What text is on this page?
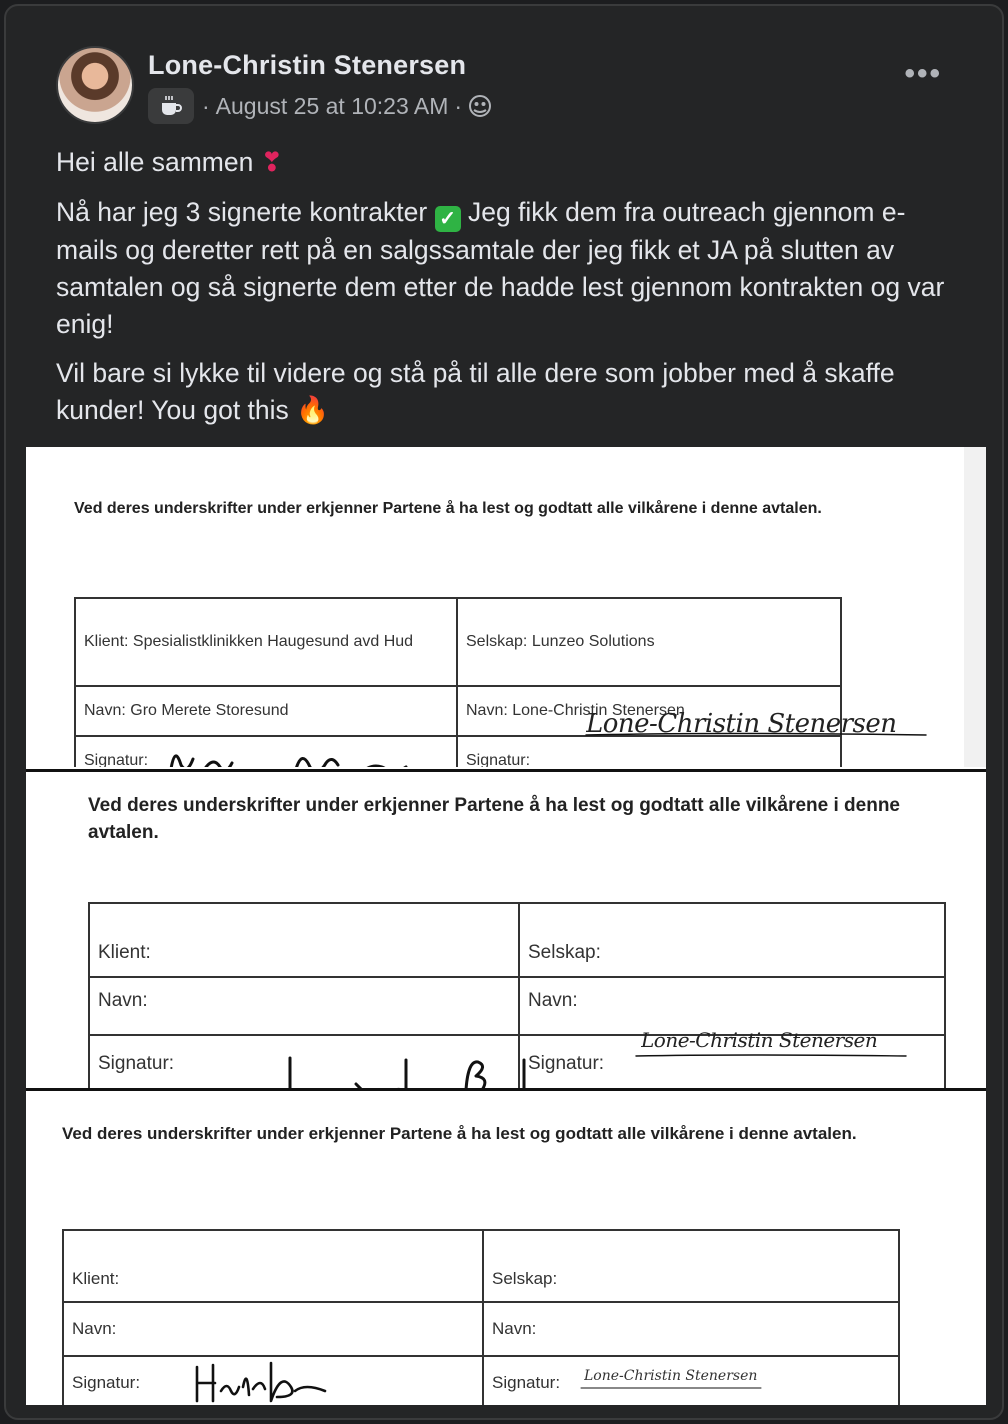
Lone-Christin Stenersen
· August 25 at 10:23 AM ·
•••
Hei alle sammen ❣
Nå har jeg 3 signerte kontrakter ✓ Jeg fikk dem fra outreach gjennom e-mails og deretter rett på en salgssamtale der jeg fikk et JA på slutten av samtalen og så signerte dem etter de hadde lest gjennom kontrakten og var enig!
Vil bare si lykke til videre og stå på til alle dere som jobber med å skaffe kunder! You got this 🔥
Ved deres underskrifter under erkjenner Partene å ha lest og godtatt alle vilkårene i denne avtalen.
Klient: Spesialistklinikken Haugesund avd Hud	Selskap: Lunzeo Solutions
Navn: Gro Merete Storesund	Navn: Lone-Christin Stenersen
Signatur:	Signatur:
Lone-Christin Stenersen
Ved deres underskrifter under erkjenner Partene å ha lest og godtatt alle vilkårene i denne avtalen.
Klient:	Selskap:
Navn:	Navn:
Signatur:	Signatur:
Lone-Christin Stenersen
Ved deres underskrifter under erkjenner Partene å ha lest og godtatt alle vilkårene i denne avtalen.
Klient:	Selskap:
Navn:	Navn:
Signatur:	Signatur: Lone-Christin Stenersen
